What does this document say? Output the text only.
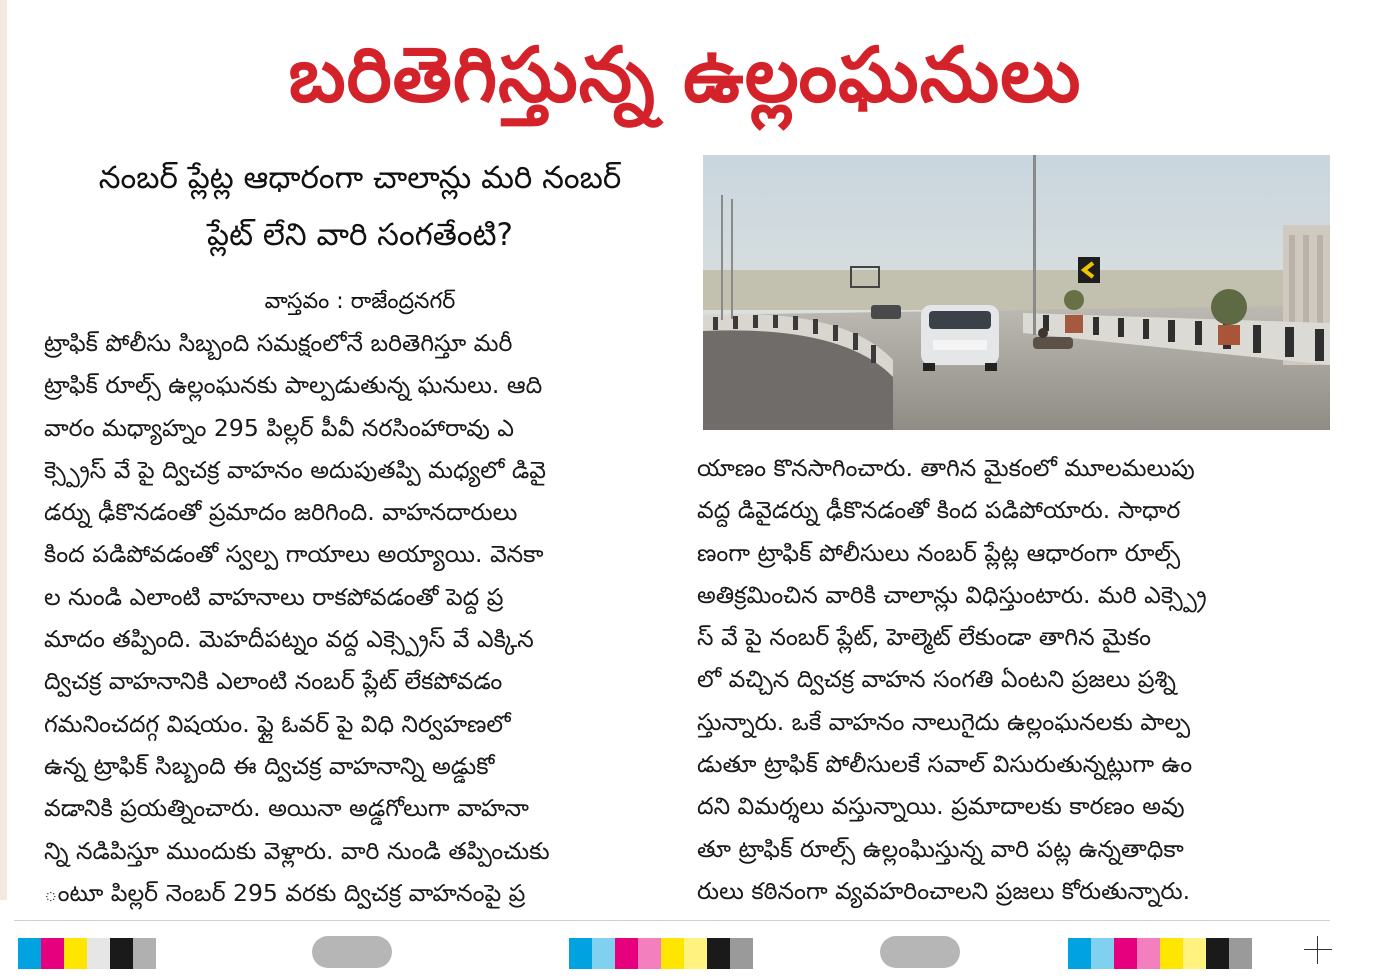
బరితెగిస్తున్న ఉల్లంఘనులు
నంబర్ ప్లేట్ల ఆధారంగా చాలాన్లు మరి నంబర్
ప్లేట్ లేని వారి సంగతేంటి?
వాస్తవం : రాజేంద్రనగర్
ట్రాఫిక్ పోలీసు సిబ్బంది సమక్షంలోనే బరితెగిస్తూ మరీ
ట్రాఫిక్ రూల్స్ ఉల్లంఘనకు పాల్పడుతున్న ఘనులు. ఆది
వారం మధ్యాహ్నం 295 పిల్లర్ పీవీ నరసింహారావు ఎ
క్స్ప్రెస్ వే పై ద్విచక్ర వాహనం అదుపుతప్పి మధ్యలో డివై
డర్ను ఢీకొనడంతో ప్రమాదం జరిగింది. వాహనదారులు
కింద పడిపోవడంతో స్వల్ప గాయాలు అయ్యాయి. వెనకా
ల నుండి ఎలాంటి వాహనాలు రాకపోవడంతో పెద్ద ప్ర
మాదం తప్పింది. మెహదీపట్నం వద్ద ఎక్స్ప్రెస్ వే ఎక్కిన
ద్విచక్ర వాహనానికి ఎలాంటి నంబర్ ప్లేట్ లేకపోవడం
గమనించదగ్గ విషయం. ఫ్లై ఓవర్ పై విధి నిర్వహణలో
ఉన్న ట్రాఫిక్ సిబ్బంది ఈ ద్విచక్ర వాహనాన్ని అడ్డుకో
వడానికి ప్రయత్నించారు. అయినా అడ్డగోలుగా వాహనా
న్ని నడిపిస్తూ ముందుకు వెళ్లారు. వారి నుండి తప్పించుకు
ంటూ పిల్లర్ నెంబర్ 295 వరకు ద్విచక్ర వాహనంపై ప్ర
యాణం కొనసాగించారు. తాగిన మైకంలో మూలమలుపు
వద్ద డివైడర్ను ఢీకొనడంతో కింద పడిపోయారు. సాధార
ణంగా ట్రాఫిక్ పోలీసులు నంబర్ ప్లేట్ల ఆధారంగా రూల్స్
అతిక్రమించిన వారికి చాలాన్లు విధిస్తుంటారు. మరి ఎక్స్ప్రె
స్ వే పై నంబర్ ప్లేట్, హెల్మెట్ లేకుండా తాగిన మైకం
లో వచ్చిన ద్విచక్ర వాహన సంగతి ఏంటని ప్రజలు ప్రశ్ని
స్తున్నారు. ఒకే వాహనం నాలుగైదు ఉల్లంఘనలకు పాల్ప
డుతూ ట్రాఫిక్ పోలీసులకే సవాల్ విసురుతున్నట్లుగా ఉం
దని విమర్శలు వస్తున్నాయి. ప్రమాదాలకు కారణం అవు
తూ ట్రాఫిక్ రూల్స్ ఉల్లంఘిస్తున్న వారి పట్ల ఉన్నతాధికా
రులు కఠినంగా వ్యవహరించాలని ప్రజలు కోరుతున్నారు.
